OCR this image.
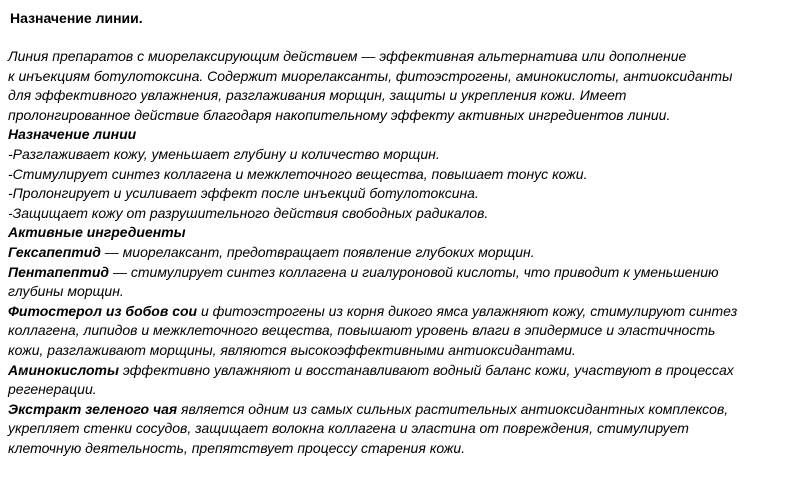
Назначение линии.
Линия препаратов с миорелаксирующим действием — эффективная альтернатива или дополнение
к инъекциям ботулотоксина. Содержит миорелаксанты, фитоэстрогены, аминокислоты, антиоксиданты
для эффективного увлажнения, разглаживания морщин, защиты и укрепления кожи. Имеет
пролонгированное действие благодаря накопительному эффекту активных ингредиентов линии.
Назначение линии
-Разглаживает кожу, уменьшает глубину и количество морщин.
-Стимулирует синтез коллагена и межклеточного вещества, повышает тонус кожи.
-Пролонгирует и усиливает эффект после инъекций ботулотоксина.
-Защищает кожу от разрушительного действия свободных радикалов.
Активные ингредиенты
Гексапептид — миорелаксант, предотвращает появление глубоких морщин.
Пентапептид — стимулирует синтез коллагена и гиалуроновой кислоты, что приводит к уменьшению
глубины морщин.
Фитостерол из бобов сои и фитоэстрогены из корня дикого ямса увлажняют кожу, стимулируют синтез
коллагена, липидов и межклеточного вещества, повышают уровень влаги в эпидермисе и эластичность
кожи, разглаживают морщины, являются высокоэффективными антиоксидантами.
Аминокислоты эффективно увлажняют и восстанавливают водный баланс кожи, участвуют в процессах
регенерации.
Экстракт зеленого чая является одним из самых сильных растительных антиоксидантных комплексов,
укрепляет стенки сосудов, защищает волокна коллагена и эластина от повреждения, стимулирует
клеточную деятельность, препятствует процессу старения кожи.
